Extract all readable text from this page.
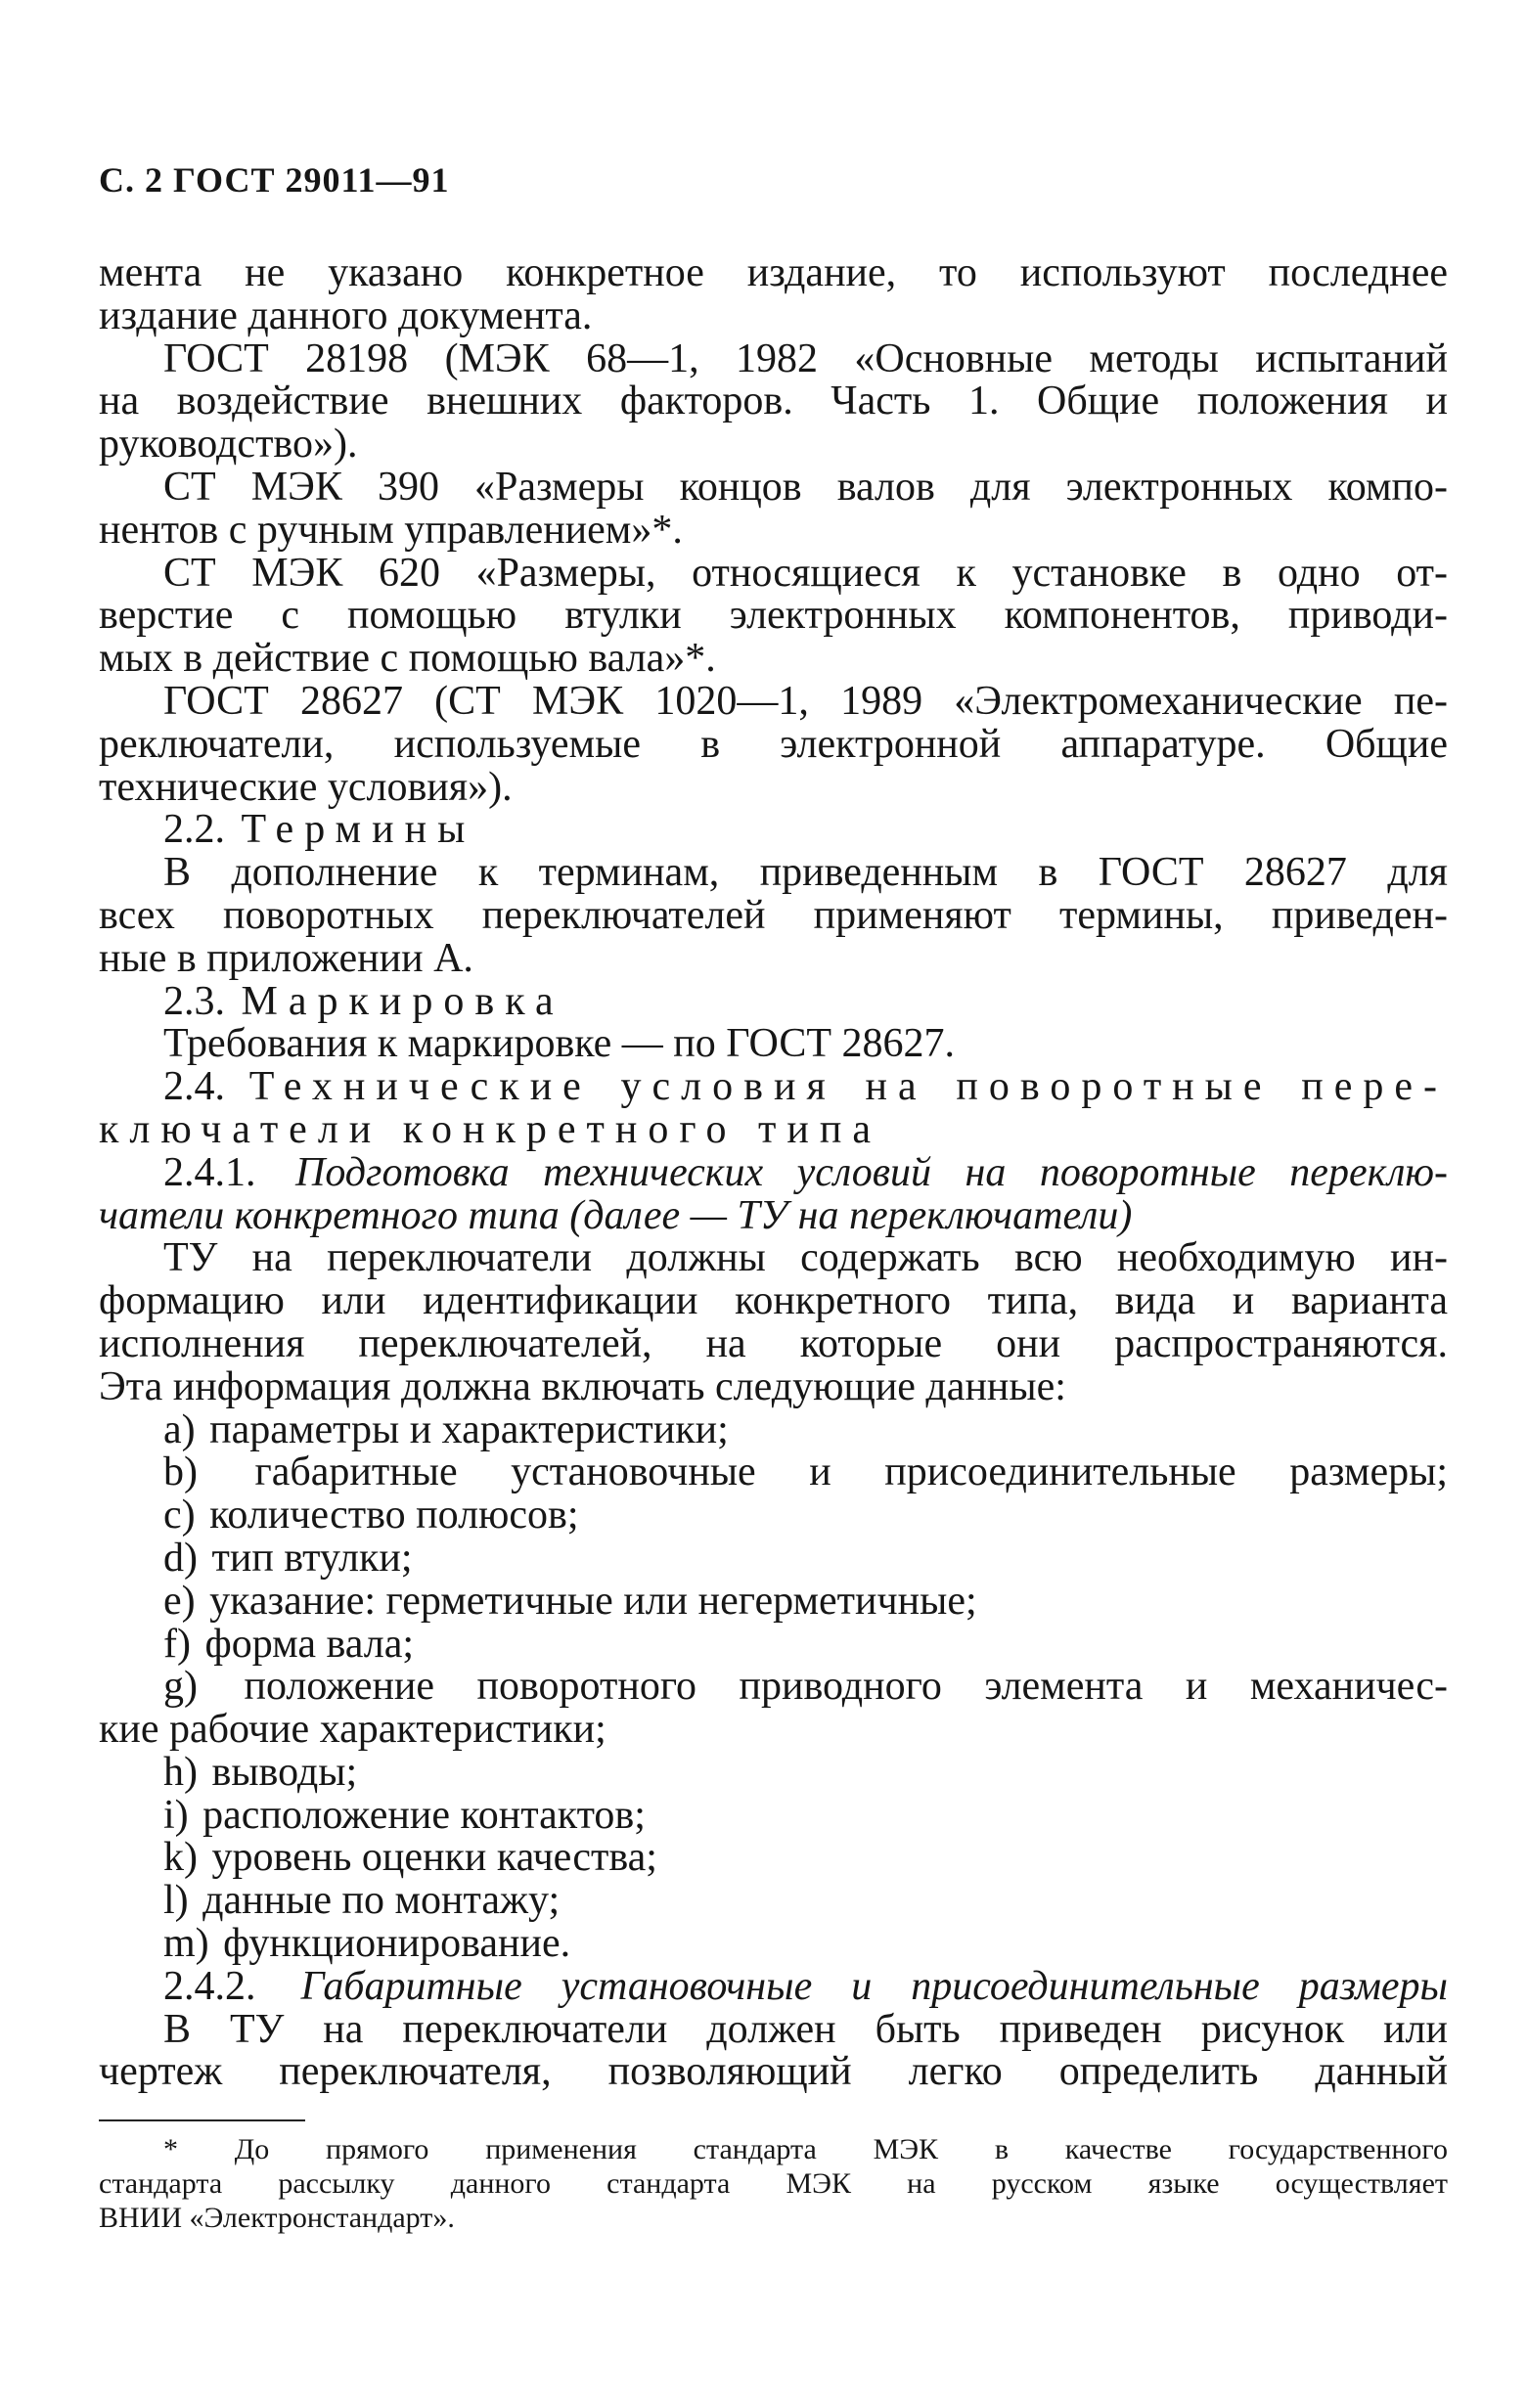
С. 2 ГОСТ 29011—91
мента не указано конкретное издание, то используют последнее
издание данного документа.
ГОСТ 28198 (МЭК 68—1, 1982 «Основные методы испытаний
на воздействие внешних факторов. Часть 1. Общие положения и
руководство»).
СТ МЭК 390 «Размеры концов валов для электронных компо-
нентов с ручным управлением»*.
СТ МЭК 620 «Размеры, относящиеся к установке в одно от-
верстие с помощью втулки электронных компонентов, приводи-
мых в действие с помощью вала»*.
ГОСТ 28627 (СТ МЭК 1020—1, 1989 «Электромеханические пе-
реключатели, используемые в электронной аппаратуре. Общие
технические условия»).
2.2. Термины
В дополнение к терминам, приведенным в ГОСТ 28627 для
всех поворотных переключателей применяют термины, приведен-
ные в приложении А.
2.3. Маркировка
Требования к маркировке — по ГОСТ 28627.
2.4. Технические условия на поворотные пере-
ключатели конкретного типа
2.4.1. Подготовка технических условий на поворотные переклю-
чатели конкретного типа (далее — ТУ на переключатели)
ТУ на переключатели должны содержать всю необходимую ин-
формацию или идентификации конкретного типа, вида и варианта
исполнения переключателей, на которые они распространяются.
Эта информация должна включать следующие данные:
a) параметры и характеристики;
b) габаритные установочные и присоединительные размеры;
c) количество полюсов;
d) тип втулки;
e) указание: герметичные или негерметичные;
f) форма вала;
g) положение поворотного приводного элемента и механичес-
кие рабочие характеристики;
h) выводы;
i) расположение контактов;
k) уровень оценки качества;
l) данные по монтажу;
m) функционирование.
2.4.2. Габаритные установочные и присоединительные размеры
В ТУ на переключатели должен быть приведен рисунок или
чертеж переключателя, позволяющий легко определить данный
* До прямого применения стандарта МЭК в качестве государственного
стандарта рассылку данного стандарта МЭК на русском языке осуществляет
ВНИИ «Электронстандарт».
